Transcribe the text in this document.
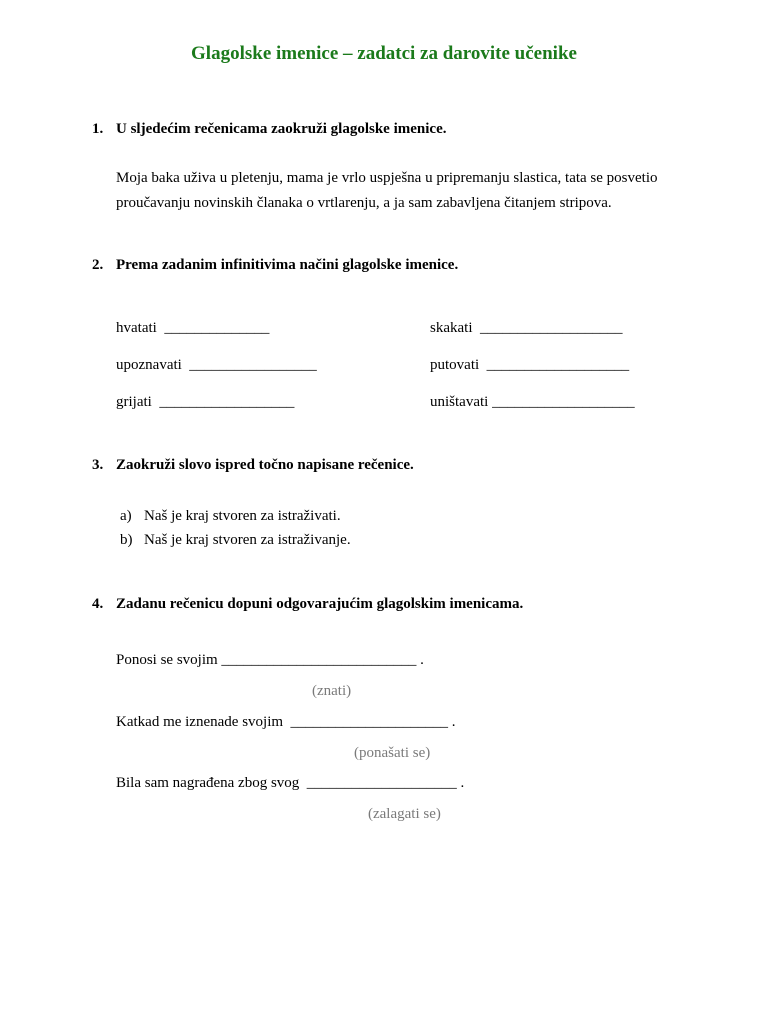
Glagolske imenice – zadatci za darovite učenike
1. U sljedećim rečenicama zaokruži glagolske imenice.
Moja baka uživa u pletenju, mama je vrlo uspješna u pripremanju slastica, tata se posvetio
proučavanju novinskih članaka o vrtlarenju, a ja sam zabavljena čitanjem stripova.
2. Prema zadanim infinitivima načini glagolske imenice.
hvatati  ______________	skakati  ___________________
upoznavati  _________________	putovati  ___________________
grijati  __________________	uništavati ___________________
3. Zaokruži slovo ispred točno napisane rečenice.
a) Naš je kraj stvoren za istraživati.
b) Naš je kraj stvoren za istraživanje.
4. Zadanu rečenicu dopuni odgovarajućim glagolskim imenicama.
Ponosi se svojim __________________________ .
(znati)
Katkad me iznenade svojim  _____________________ .
(ponašati se)
Bila sam nagrađena zbog svog  ____________________ .
(zalagati se)
